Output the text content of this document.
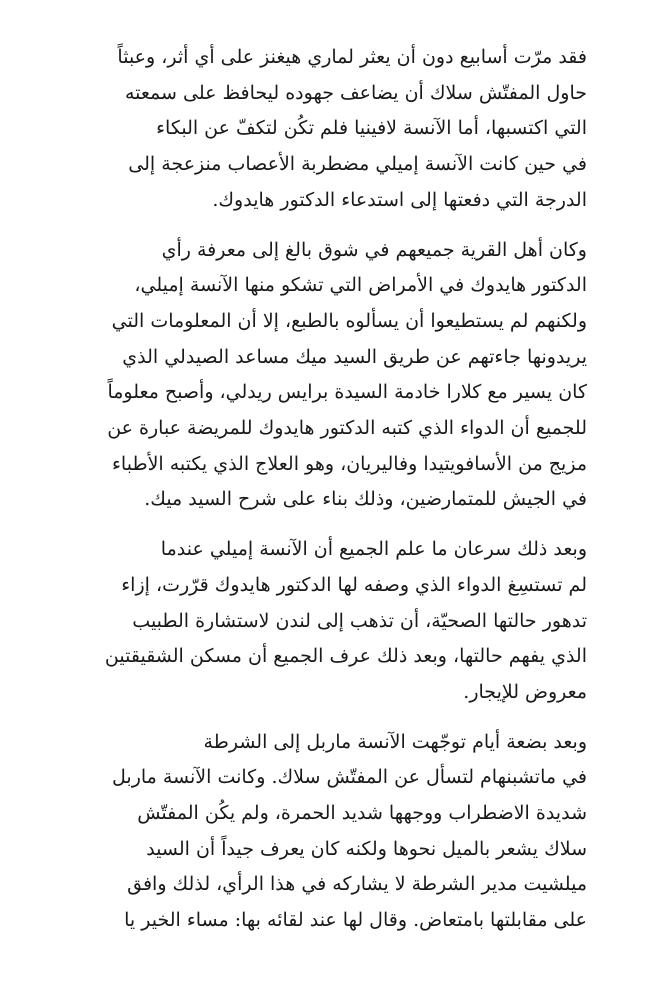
فقد مرّت أسابيع دون أن يعثر لماري هيغنز على أي أثر، وعبثاً
حاول المفتّش سلاك أن يضاعف جهوده ليحافظ على سمعته
التي اكتسبها، أما الآنسة لافينيا فلم تكُن لتكفّ عن البكاء
في حين كانت الآنسة إميلي مضطربة الأعصاب منزعجة إلى
الدرجة التي دفعتها إلى استدعاء الدكتور هايدوك.

وكان أهل القرية جميعهم في شوق بالغ إلى معرفة رأي
الدكتور هايدوك في الأمراض التي تشكو منها الآنسة إميلي،
ولكنهم لم يستطيعوا أن يسألوه بالطبع، إلا أن المعلومات التي
يريدونها جاءتهم عن طريق السيد ميك مساعد الصيدلي الذي
كان يسير مع كلارا خادمة السيدة برايس ريدلي، وأصبح معلوماً
للجميع أن الدواء الذي كتبه الدكتور هايدوك للمريضة عبارة عن
مزيج من الأسافويتيدا وفاليريان، وهو العلاج الذي يكتبه الأطباء
في الجيش للمتمارضين، وذلك بناء على شرح السيد ميك.

وبعد ذلك سرعان ما علم الجميع أن الآنسة إميلي عندما
لم تستسِغ الدواء الذي وصفه لها الدكتور هايدوك قرّرت، إزاء
تدهور حالتها الصحيّة، أن تذهب إلى لندن لاستشارة الطبيب
الذي يفهم حالتها، وبعد ذلك عرف الجميع أن مسكن الشقيقتين
معروض للإيجار.

وبعد بضعة أيام توجّهت الآنسة ماربل إلى الشرطة
في ماتشبنهام لتسأل عن المفتّش سلاك. وكانت الآنسة ماربل
شديدة الاضطراب ووجهها شديد الحمرة، ولم يكُن المفتّش
سلاك يشعر بالميل نحوها ولكنه كان يعرف جيداً أن السيد
ميلشيت مدير الشرطة لا يشاركه في هذا الرأي، لذلك وافق
على مقابلتها بامتعاض. وقال لها عند لقائه بها: مساء الخير يا
